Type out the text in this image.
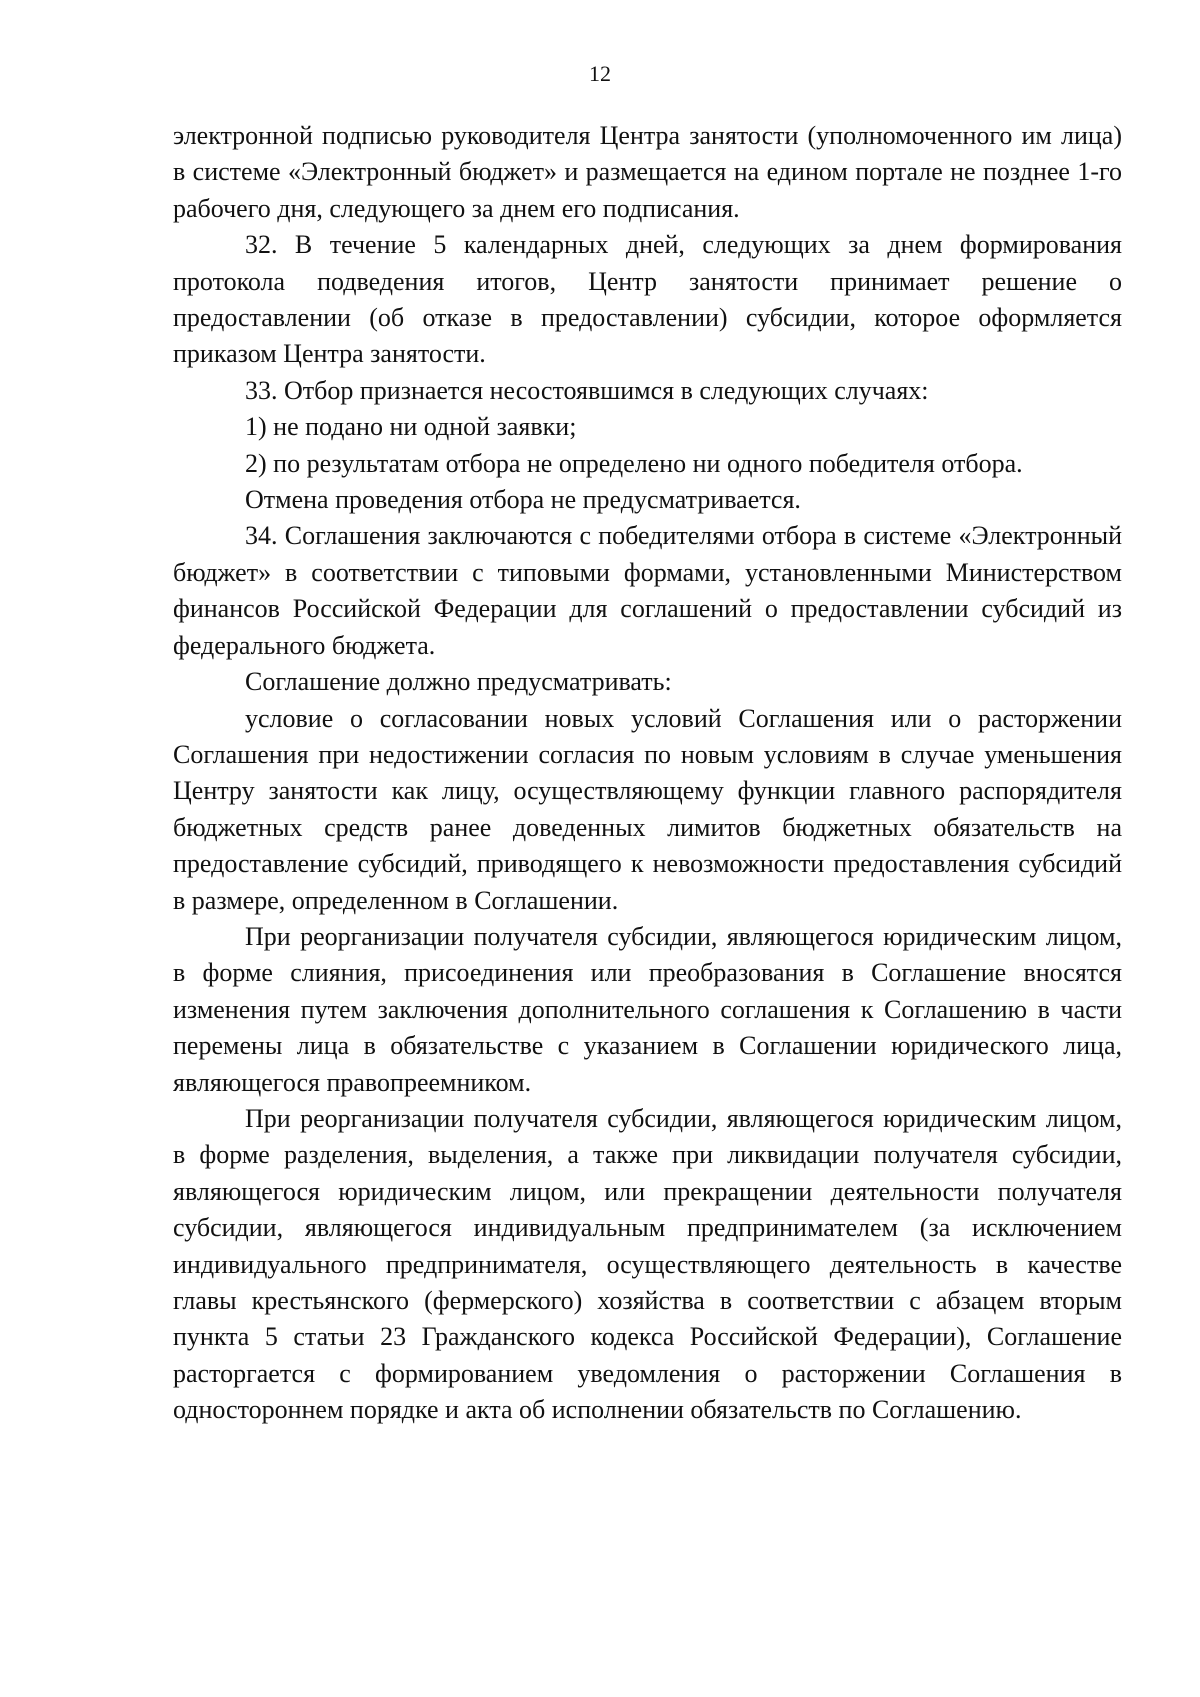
12

электронной подписью руководителя Центра занятости (уполномоченного им лица) в системе «Электронный бюджет» и размещается на едином портале не позднее 1-го рабочего дня, следующего за днем его подписания.

32. В течение 5 календарных дней, следующих за днем формирования протокола подведения итогов, Центр занятости принимает решение о предоставлении (об отказе в предоставлении) субсидии, которое оформляется приказом Центра занятости.

33. Отбор признается несостоявшимся в следующих случаях:

1) не подано ни одной заявки;

2) по результатам отбора не определено ни одного победителя отбора.

Отмена проведения отбора не предусматривается.

34. Соглашения заключаются с победителями отбора в системе «Электронный бюджет» в соответствии с типовыми формами, установленными Министерством финансов Российской Федерации для соглашений о предоставлении субсидий из федерального бюджета.

Соглашение должно предусматривать:

условие о согласовании новых условий Соглашения или о расторжении Соглашения при недостижении согласия по новым условиям в случае уменьшения Центру занятости как лицу, осуществляющему функции главного распорядителя бюджетных средств ранее доведенных лимитов бюджетных обязательств на предоставление субсидий, приводящего к невозможности предоставления субсидий в размере, определенном в Соглашении.

При реорганизации получателя субсидии, являющегося юридическим лицом, в форме слияния, присоединения или преобразования в Соглашение вносятся изменения путем заключения дополнительного соглашения к Соглашению в части перемены лица в обязательстве с указанием в Соглашении юридического лица, являющегося правопреемником.

При реорганизации получателя субсидии, являющегося юридическим лицом, в форме разделения, выделения, а также при ликвидации получателя субсидии, являющегося юридическим лицом, или прекращении деятельности получателя субсидии, являющегося индивидуальным предпринимателем (за исключением индивидуального предпринимателя, осуществляющего деятельность в качестве главы крестьянского (фермерского) хозяйства в соответствии с абзацем вторым пункта 5 статьи 23 Гражданского кодекса Российской Федерации), Соглашение расторгается с формированием уведомления о расторжении Соглашения в одностороннем порядке и акта об исполнении обязательств по Соглашению.
